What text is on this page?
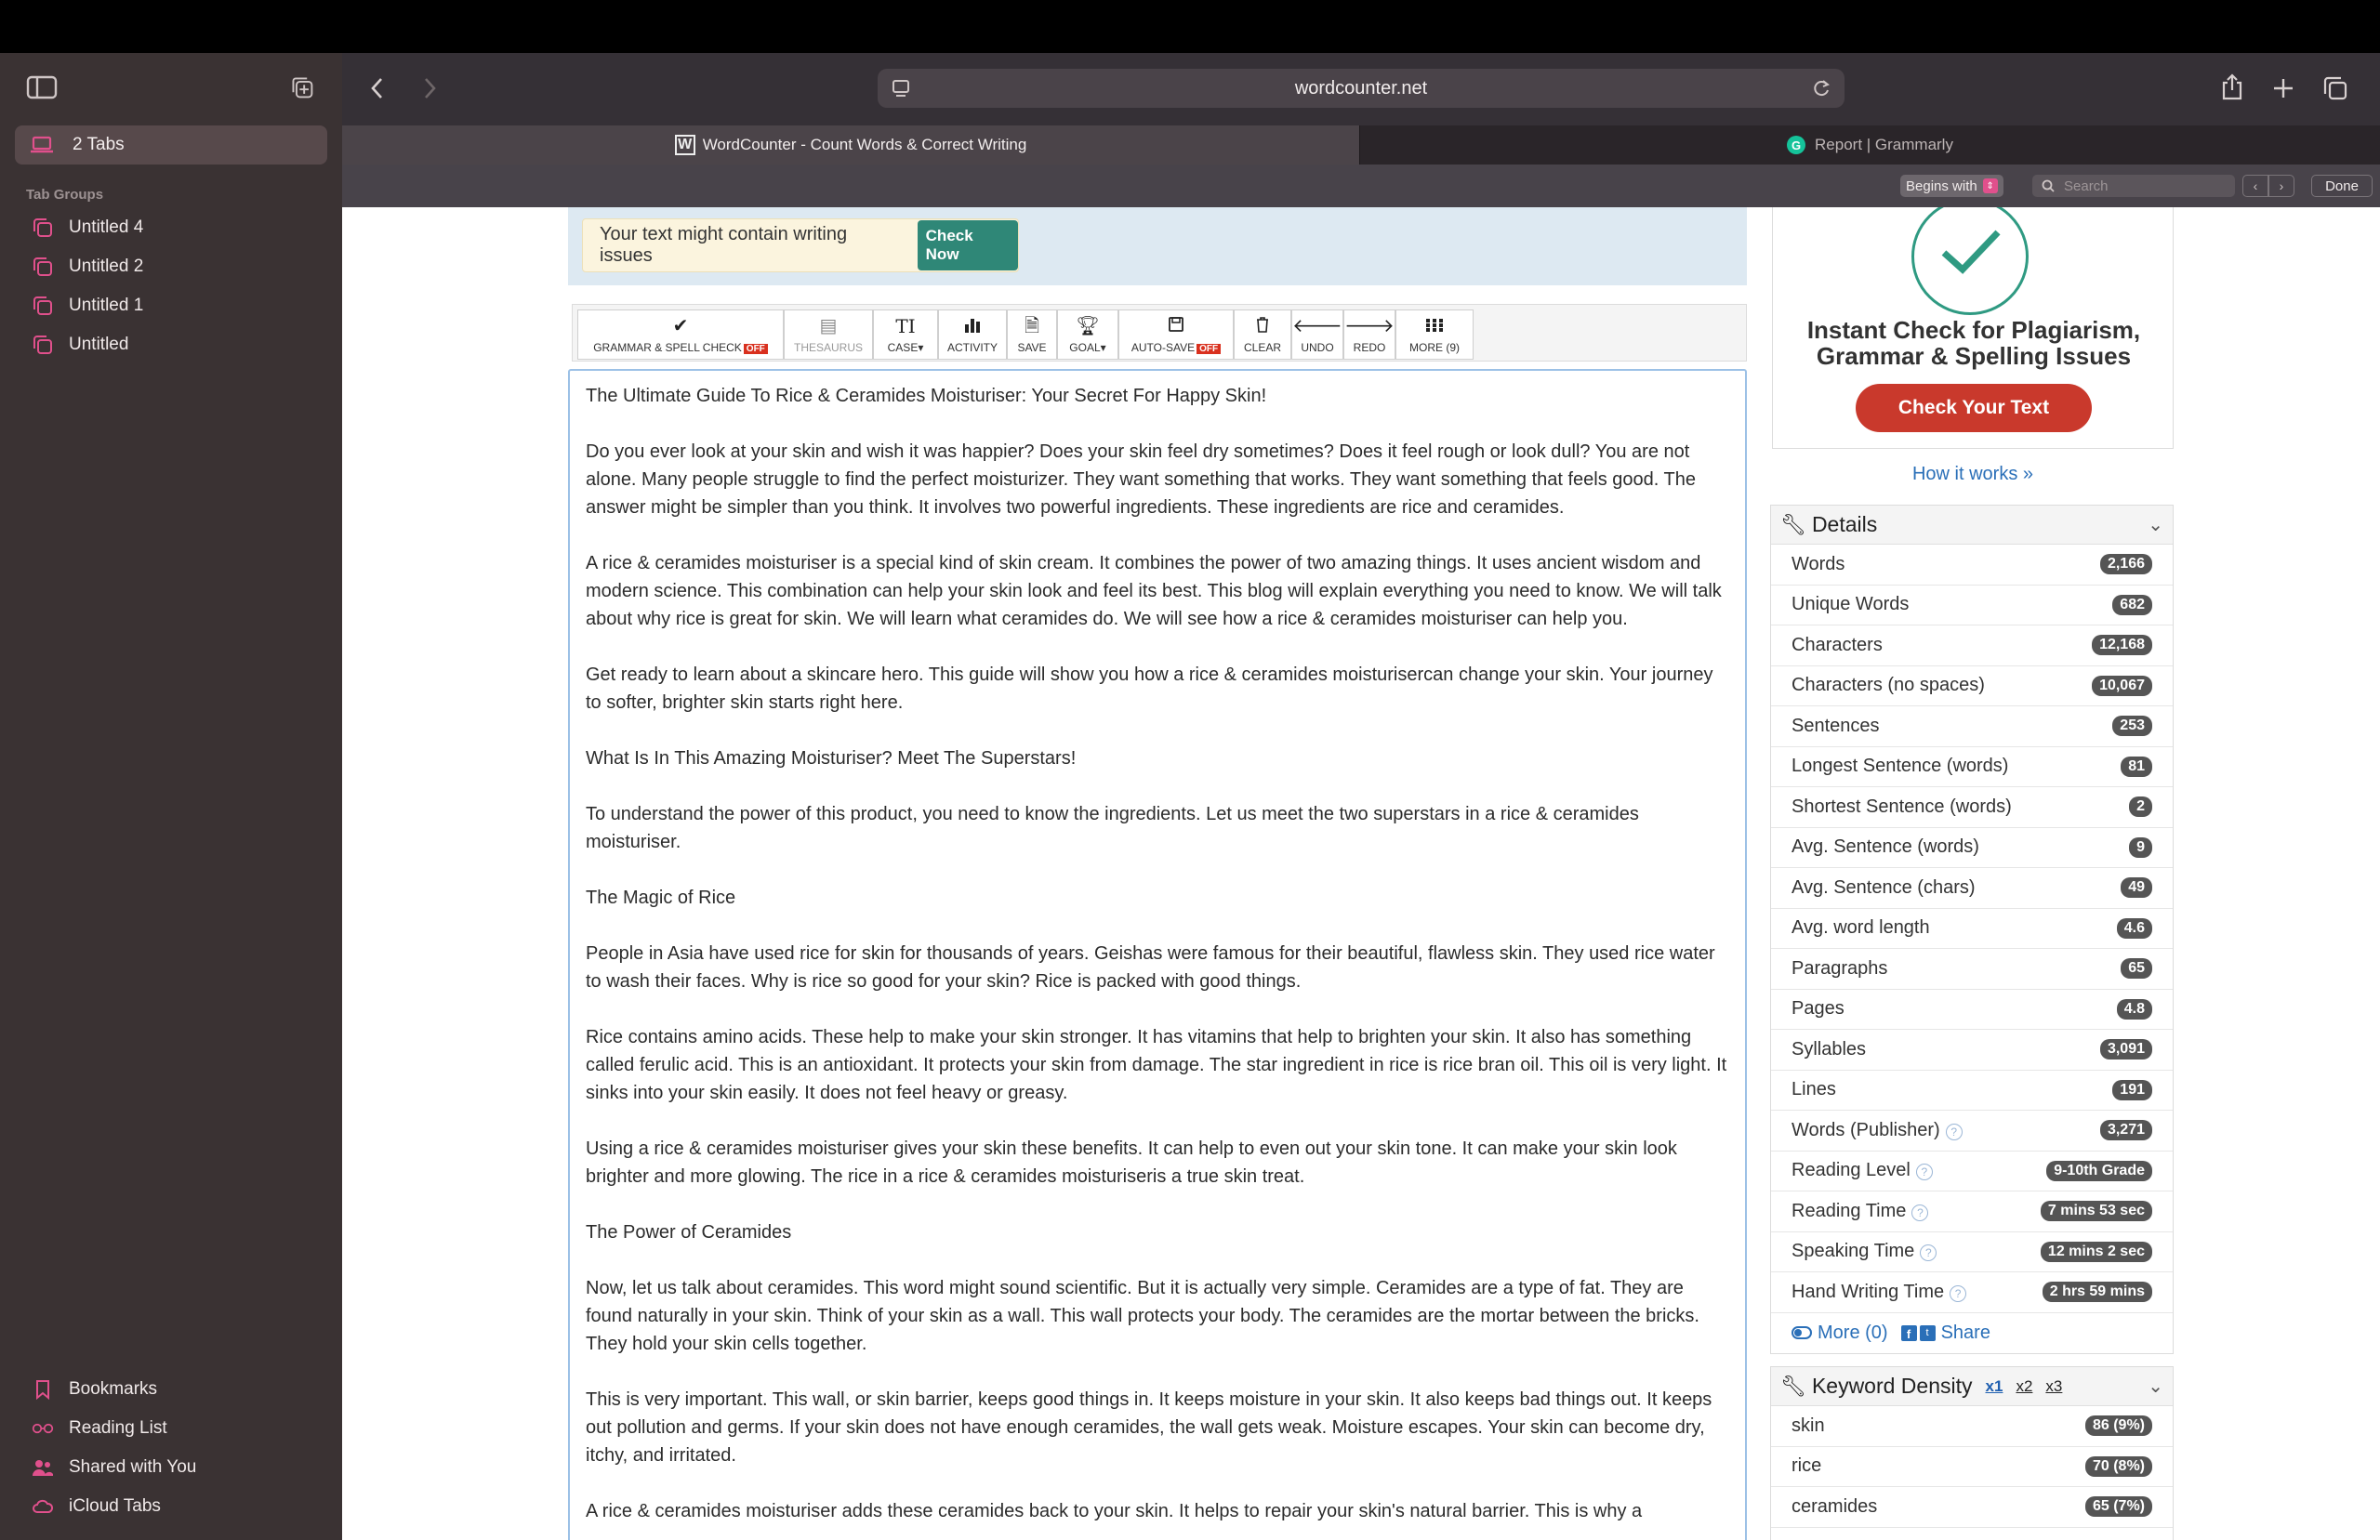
2 Tabs
Tab Groups
Untitled 4
Untitled 2
Untitled 1
Untitled
Bookmarks
Reading List
Shared with You
iCloud Tabs
wordcounter.net
W WordCounter - Count Words & Correct Writing	G Report | Grammarly
Begins with ⇕	Search	‹	›	Done
Your text might contain writing issues
Check Now
✔
GRAMMAR & SPELL CHECK OFF
▤
THESAURUS
TI
CASE▾ ACTIVITY
🗎
SAVE
🏆︎
GOAL▾ AUTO-SAVE OFF CLEAR
🡐
UNDO
🡒
REDO MORE (9)

The Ultimate Guide To Rice & Ceramides Moisturiser: Your Secret For Happy Skin!

Do you ever look at your skin and wish it was happier? Does your skin feel dry sometimes? Does it feel rough or look dull? You are not alone. Many people struggle to find the perfect moisturizer. They want something that works. They want something that feels good. The answer might be simpler than you think. It involves two powerful ingredients. These ingredients are rice and ceramides.

A rice & ceramides moisturiser is a special kind of skin cream. It combines the power of two amazing things. It uses ancient wisdom and modern science. This combination can help your skin look and feel its best. This blog will explain everything you need to know. We will talk about why rice is great for skin. We will learn what ceramides do. We will see how a rice & ceramides moisturiser can help you.

Get ready to learn about a skincare hero. This guide will show you how a rice & ceramides moisturisercan change your skin. Your journey to softer, brighter skin starts right here.

What Is In This Amazing Moisturiser? Meet The Superstars!

To understand the power of this product, you need to know the ingredients. Let us meet the two superstars in a rice & ceramides moisturiser.

The Magic of Rice

People in Asia have used rice for skin for thousands of years. Geishas were famous for their beautiful, flawless skin. They used rice water to wash their faces. Why is rice so good for your skin? Rice is packed with good things.

Rice contains amino acids. These help to make your skin stronger. It has vitamins that help to brighten your skin. It also has something called ferulic acid. This is an antioxidant. It protects your skin from damage. The star ingredient in rice is rice bran oil. This oil is very light. It sinks into your skin easily. It does not feel heavy or greasy.

Using a rice & ceramides moisturiser gives your skin these benefits. It can help to even out your skin tone. It can make your skin look brighter and more glowing. The rice in a rice & ceramides moisturiseris a true skin treat.

The Power of Ceramides

Now, let us talk about ceramides. This word might sound scientific. But it is actually very simple. Ceramides are a type of fat. They are found naturally in your skin. Think of your skin as a wall. This wall protects your body. The ceramides are the mortar between the bricks. They hold your skin cells together.

This is very important. This wall, or skin barrier, keeps good things in. It keeps moisture in your skin. It also keeps bad things out. It keeps out pollution and germs. If your skin does not have enough ceramides, the wall gets weak. Moisture escapes. Your skin can become dry, itchy, and irritated.

A rice & ceramides moisturiser adds these ceramides back to your skin. It helps to repair your skin's natural barrier. This is why a

Instant Check for Plagiarism,
Grammar & Spelling Issues
Check Your Text
How it works »
🔧︎ Details	⌄
Words	2,166
Unique Words	682
Characters	12,168
Characters (no spaces)	10,067
Sentences	253
Longest Sentence (words)	81
Shortest Sentence (words)	2
Avg. Sentence (words)	9
Avg. Sentence (chars)	49
Avg. word length	4.6
Paragraphs	65
Pages	4.8
Syllables	3,091
Lines	191
Words (Publisher) ?	3,271
Reading Level ?	9-10th Grade
Reading Time ?	7 mins 53 sec
Speaking Time ?	12 mins 2 sec
Hand Writing Time ?	2 hrs 59 mins
More (0)	f	t Share
🔧︎ Keyword Density x1 x2 x3	⌄
skin	86 (9%)
rice	70 (8%)
ceramides	65 (7%)
